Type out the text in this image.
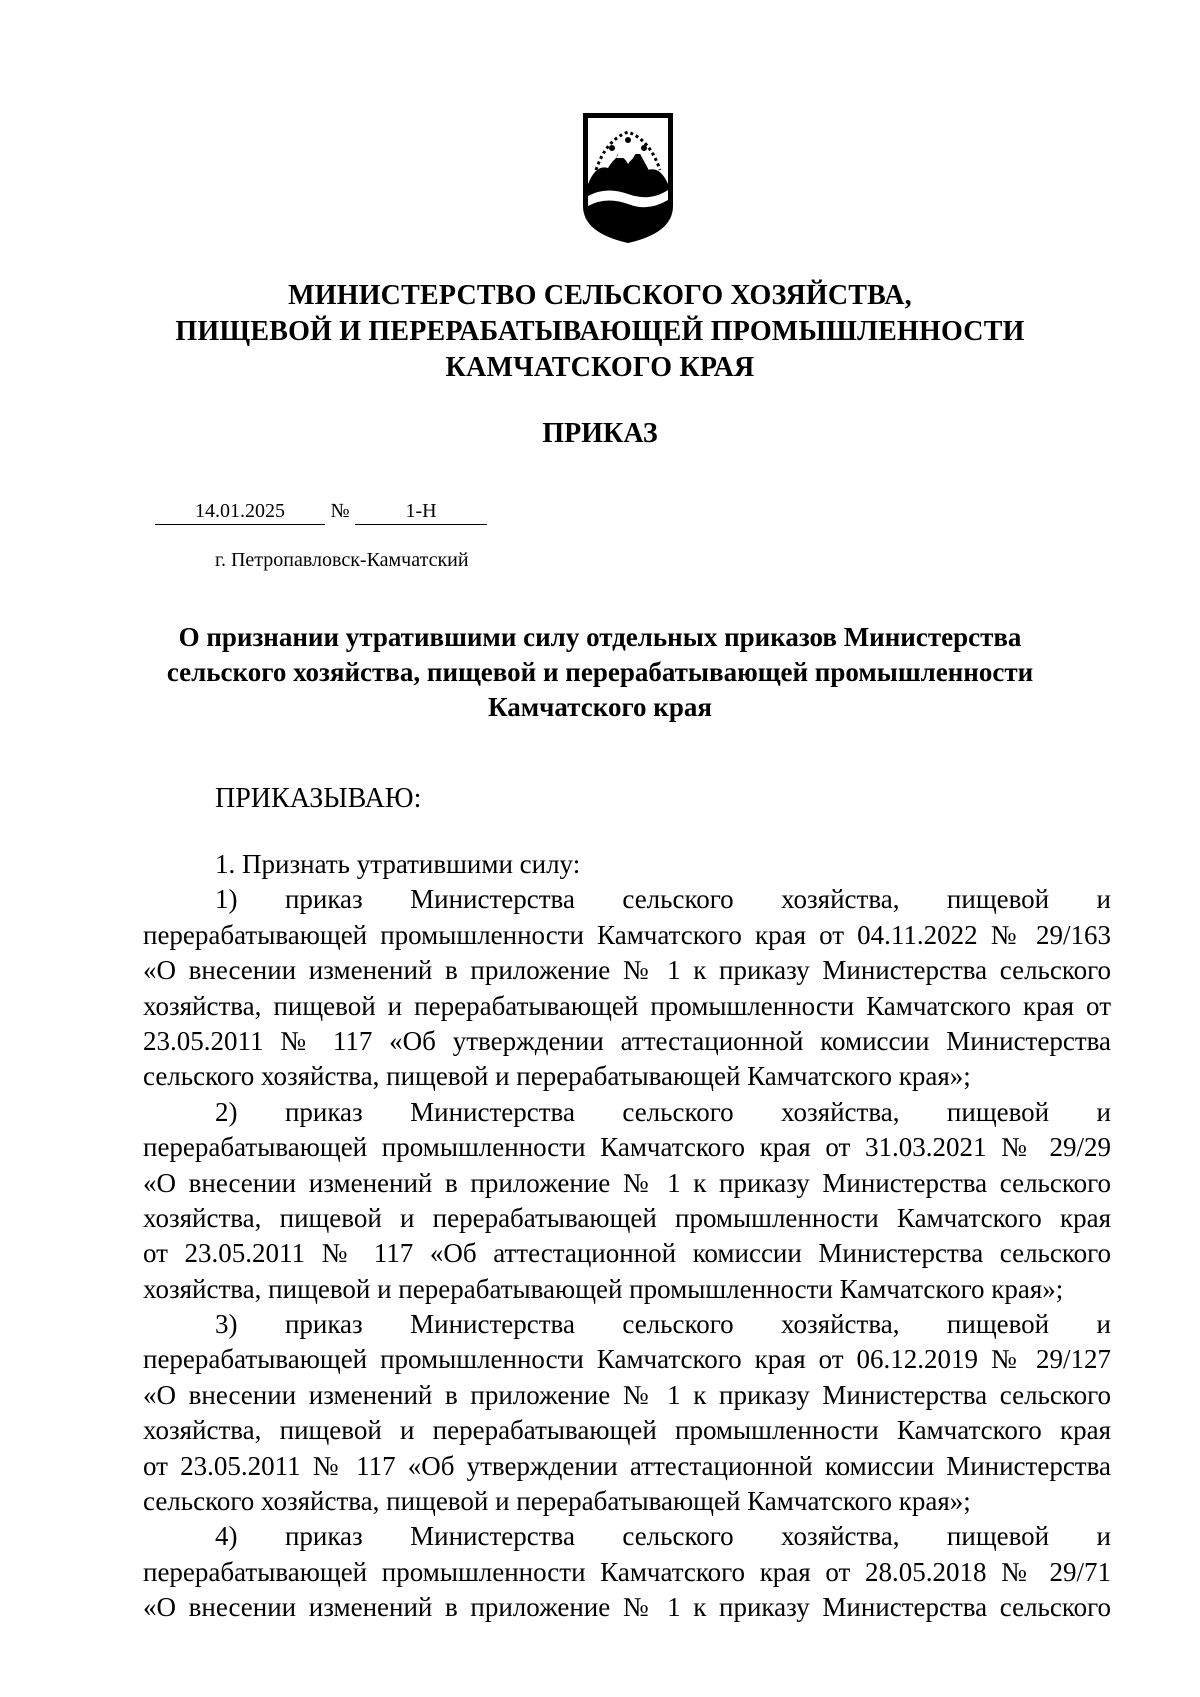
МИНИСТЕРСТВО СЕЛЬСКОГО ХОЗЯЙСТВА,
ПИЩЕВОЙ И ПЕРЕРАБАТЫВАЮЩЕЙ ПРОМЫШЛЕННОСТИ
КАМЧАТСКОГО КРАЯ
ПРИКАЗ
14.01.2025 №	1-Н
г. Петропавловск-Камчатский
О признании утратившими силу отдельных приказов Министерства
сельского хозяйства, пищевой и перерабатывающей промышленности
Камчатского края
ПРИКАЗЫВАЮ:
1. Признать утратившими силу:
1) приказ Министерства сельского хозяйства, пищевой и
перерабатывающей промышленности Камчатского края от 04.11.2022 № 29/163
«О внесении изменений в приложение № 1 к приказу Министерства сельского
хозяйства, пищевой и перерабатывающей промышленности Камчатского края от
23.05.2011 № 117 «Об утверждении аттестационной комиссии Министерства
сельского хозяйства, пищевой и перерабатывающей Камчатского края»;
2) приказ Министерства сельского хозяйства, пищевой и
перерабатывающей промышленности Камчатского края от 31.03.2021 № 29/29
«О внесении изменений в приложение № 1 к приказу Министерства сельского
хозяйства, пищевой и перерабатывающей промышленности Камчатского края
от 23.05.2011 № 117 «Об аттестационной комиссии Министерства сельского
хозяйства, пищевой и перерабатывающей промышленности Камчатского края»;
3) приказ Министерства сельского хозяйства, пищевой и
перерабатывающей промышленности Камчатского края от 06.12.2019 № 29/127
«О внесении изменений в приложение № 1 к приказу Министерства сельского
хозяйства, пищевой и перерабатывающей промышленности Камчатского края
от 23.05.2011 № 117 «Об утверждении аттестационной комиссии Министерства
сельского хозяйства, пищевой и перерабатывающей Камчатского края»;
4) приказ Министерства сельского хозяйства, пищевой и
перерабатывающей промышленности Камчатского края от 28.05.2018 № 29/71
«О внесении изменений в приложение № 1 к приказу Министерства сельского
